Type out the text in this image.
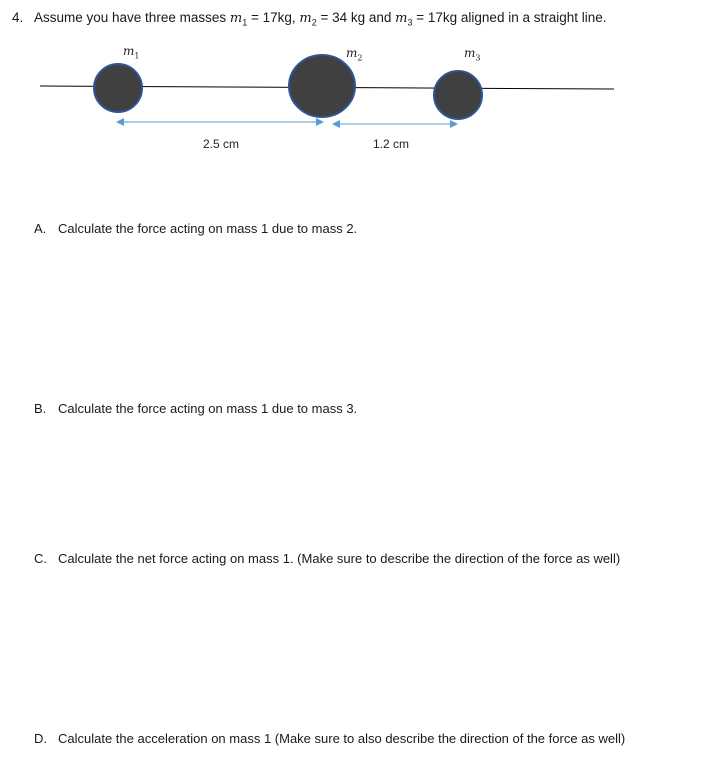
4. Assume you have three masses $m_1 = 17kg$, $m_2 = 34$ kg and $m_3 = 17kg$ aligned in a straight line.
$m_1$	$m_2$	$m_3$
2.5 cm	1.2 cm
A. Calculate the force acting on mass 1 due to mass 2.
B. Calculate the force acting on mass 1 due to mass 3.
C. Calculate the net force acting on mass 1. (Make sure to describe the direction of the force as well)
D. Calculate the acceleration on mass 1 (Make sure to also describe the direction of the force as well)
